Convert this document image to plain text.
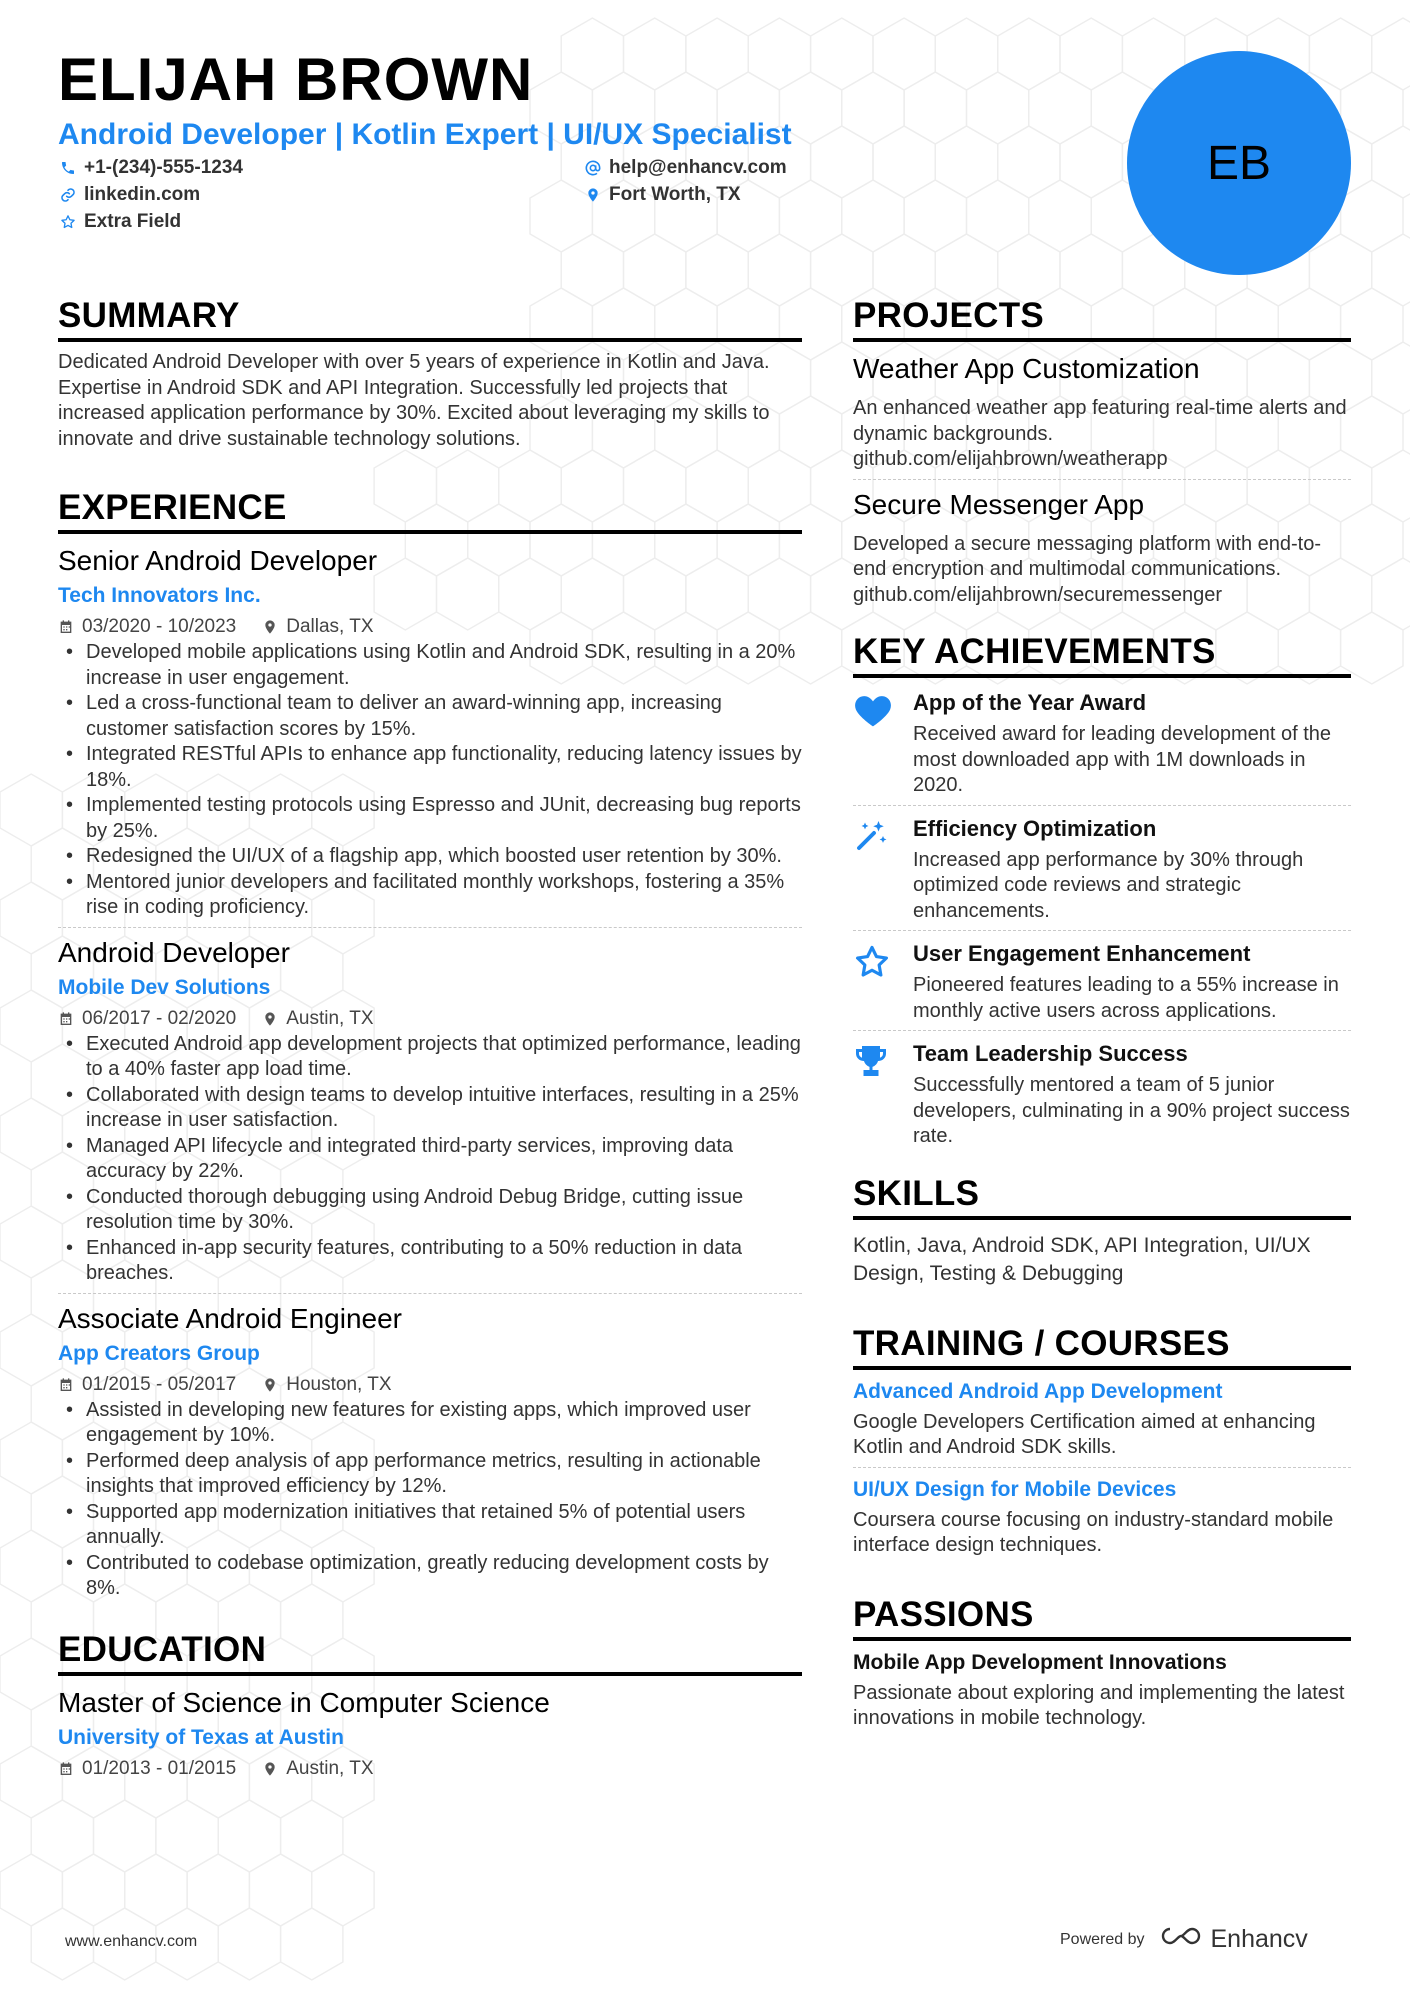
ELIJAH BROWN
Android Developer | Kotlin Expert | UI/UX Specialist
+1-(234)-555-1234	help@enhancv.com
linkedin.com	Fort Worth, TX
Extra Field
EB
SUMMARY
Dedicated Android Developer with over 5 years of experience in Kotlin and Java. Expertise in Android SDK and API Integration. Successfully led projects that increased application performance by 30%. Excited about leveraging my skills to innovate and drive sustainable technology solutions.
EXPERIENCE
Senior Android Developer
Tech Innovators Inc.
03/2020 - 10/2023	Dallas, TX
• Developed mobile applications using Kotlin and Android SDK, resulting in a 20% increase in user engagement.
• Led a cross-functional team to deliver an award-winning app, increasing customer satisfaction scores by 15%.
• Integrated RESTful APIs to enhance app functionality, reducing latency issues by 18%.
• Implemented testing protocols using Espresso and JUnit, decreasing bug reports by 25%.
• Redesigned the UI/UX of a flagship app, which boosted user retention by 30%.
• Mentored junior developers and facilitated monthly workshops, fostering a 35% rise in coding proficiency.
Android Developer
Mobile Dev Solutions
06/2017 - 02/2020	Austin, TX
• Executed Android app development projects that optimized performance, leading to a 40% faster app load time.
• Collaborated with design teams to develop intuitive interfaces, resulting in a 25% increase in user satisfaction.
• Managed API lifecycle and integrated third-party services, improving data accuracy by 22%.
• Conducted thorough debugging using Android Debug Bridge, cutting issue resolution time by 30%.
• Enhanced in-app security features, contributing to a 50% reduction in data breaches.
Associate Android Engineer
App Creators Group
01/2015 - 05/2017	Houston, TX
• Assisted in developing new features for existing apps, which improved user engagement by 10%.
• Performed deep analysis of app performance metrics, resulting in actionable insights that improved efficiency by 12%.
• Supported app modernization initiatives that retained 5% of potential users annually.
• Contributed to codebase optimization, greatly reducing development costs by 8%.
EDUCATION
Master of Science in Computer Science
University of Texas at Austin
01/2013 - 01/2015	Austin, TX
PROJECTS
Weather App Customization
An enhanced weather app featuring real-time alerts and dynamic backgrounds.
github.com/elijahbrown/weatherapp
Secure Messenger App
Developed a secure messaging platform with end-to-end encryption and multimodal communications.
github.com/elijahbrown/securemessenger
KEY ACHIEVEMENTS
App of the Year Award
Received award for leading development of the most downloaded app with 1M downloads in 2020.
Efficiency Optimization
Increased app performance by 30% through optimized code reviews and strategic enhancements.
User Engagement Enhancement
Pioneered features leading to a 55% increase in monthly active users across applications.
Team Leadership Success
Successfully mentored a team of 5 junior developers, culminating in a 90% project success rate.
SKILLS
Kotlin, Java, Android SDK, API Integration, UI/UX Design, Testing & Debugging
TRAINING / COURSES
Advanced Android App Development
Google Developers Certification aimed at enhancing Kotlin and Android SDK skills.
UI/UX Design for Mobile Devices
Coursera course focusing on industry-standard mobile interface design techniques.
PASSIONS
Mobile App Development Innovations
Passionate about exploring and implementing the latest innovations in mobile technology.
www.enhancv.com	Powered by	Enhancv
